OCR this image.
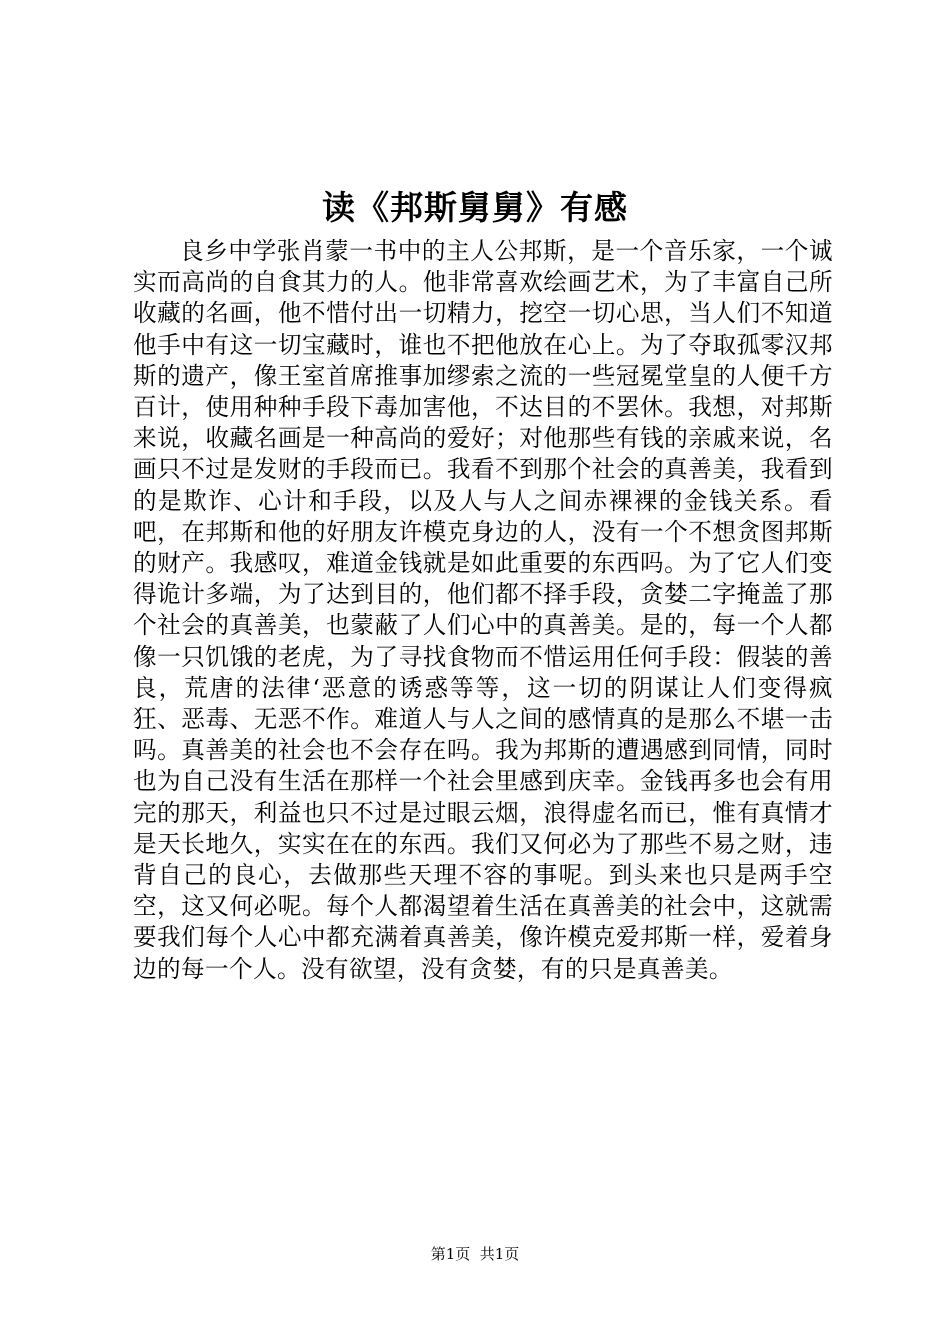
读《邦斯舅舅》有感

良乡中学张肖蒙一书中的主人公邦斯，是一个音乐家，一个诚实而高尚的自食其力的人。他非常喜欢绘画艺术，为了丰富自己所收藏的名画，他不惜付出一切精力，挖空一切心思，当人们不知道他手中有这一切宝藏时，谁也不把他放在心上。为了夺取孤零汉邦斯的遗产，像王室首席推事加缪索之流的一些冠冕堂皇的人便千方百计，使用种种手段下毒加害他，不达目的不罢休。我想，对邦斯来说，收藏名画是一种高尚的爱好；对他那些有钱的亲戚来说，名画只不过是发财的手段而已。我看不到那个社会的真善美，我看到的是欺诈、心计和手段，以及人与人之间赤裸裸的金钱关系。看吧，在邦斯和他的好朋友许模克身边的人，没有一个不想贪图邦斯的财产。我感叹，难道金钱就是如此重要的东西吗。为了它人们变得诡计多端，为了达到目的，他们都不择手段，贪婪二字掩盖了那个社会的真善美，也蒙蔽了人们心中的真善美。是的，每一个人都像一只饥饿的老虎，为了寻找食物而不惜运用任何手段：假装的善良，荒唐的法律‘恶意的诱惑等等，这一切的阴谋让人们变得疯狂、恶毒、无恶不作。难道人与人之间的感情真的是那么不堪一击吗。真善美的社会也不会存在吗。我为邦斯的遭遇感到同情，同时也为自己没有生活在那样一个社会里感到庆幸。金钱再多也会有用完的那天，利益也只不过是过眼云烟，浪得虚名而已，惟有真情才是天长地久，实实在在的东西。我们又何必为了那些不易之财，违背自己的良心，去做那些天理不容的事呢。到头来也只是两手空空，这又何必呢。每个人都渴望着生活在真善美的社会中，这就需要我们每个人心中都充满着真善美，像许模克爱邦斯一样，爱着身边的每一个人。没有欲望，没有贪婪，有的只是真善美。

第1页  共1页
